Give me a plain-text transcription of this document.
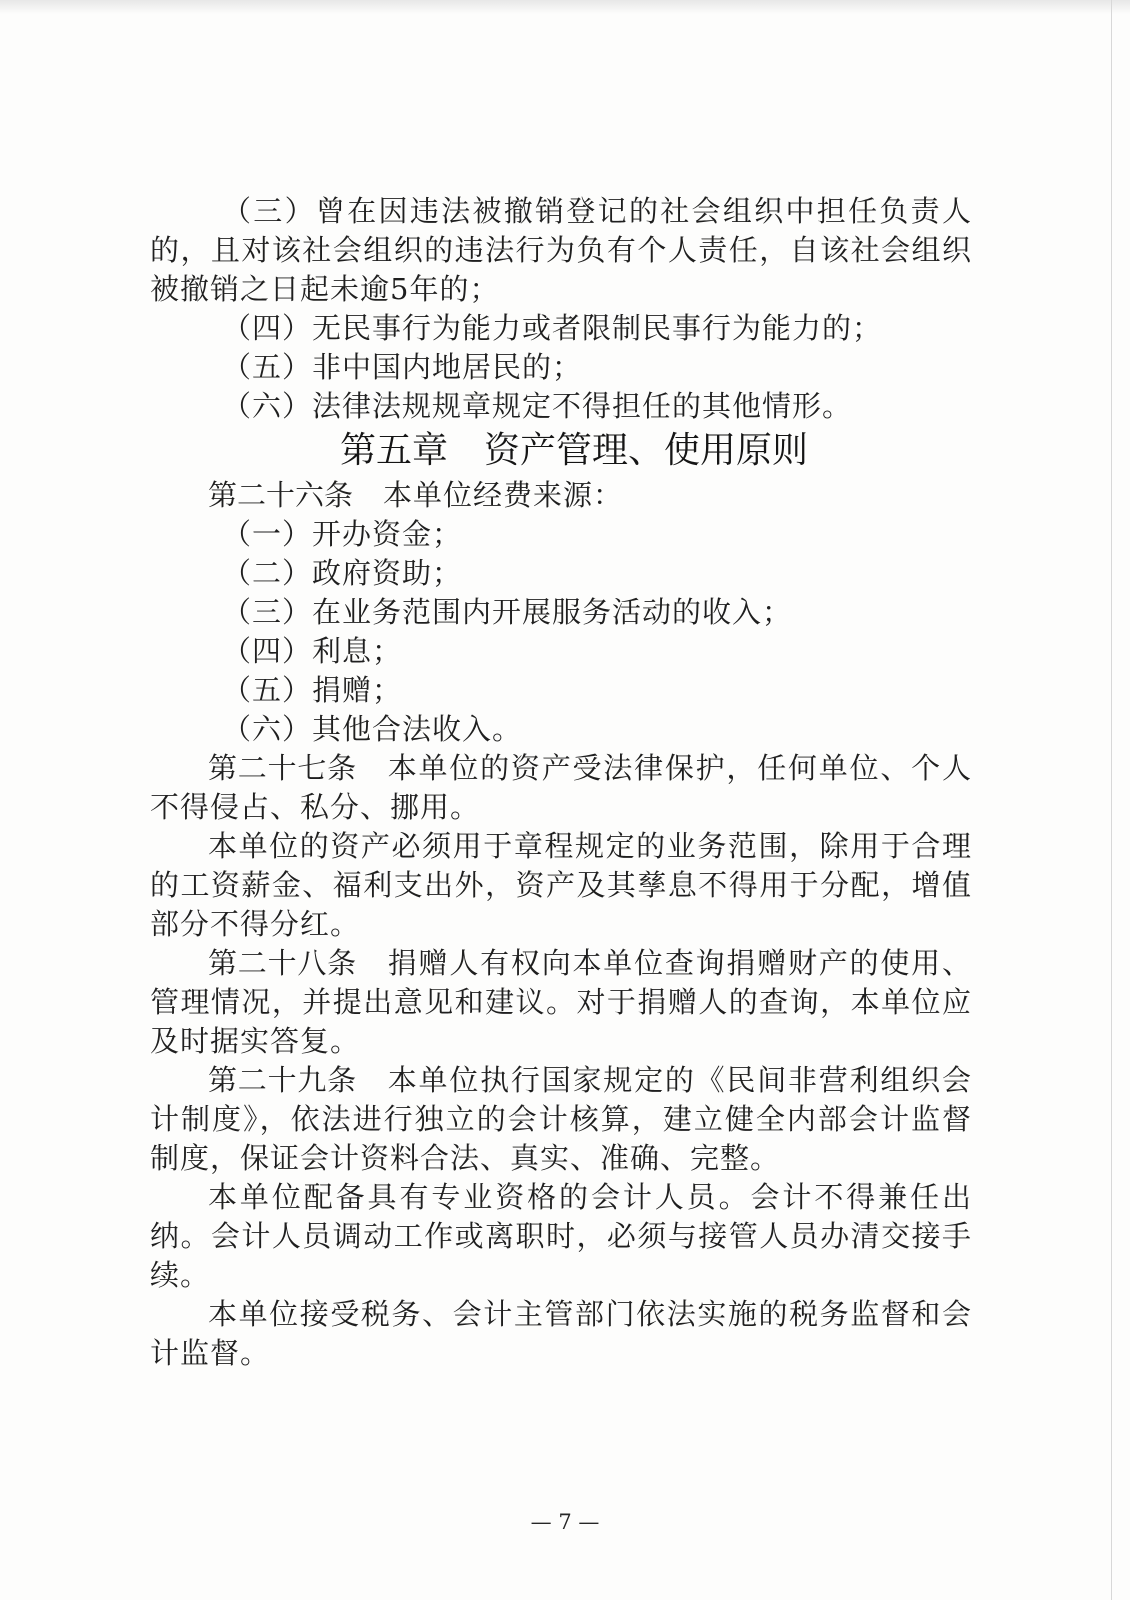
（三）曾在因违法被撤销登记的社会组织中担任负责人的，且对该社会组织的违法行为负有个人责任，自该社会组织被撤销之日起未逾5年的；

（四）无民事行为能力或者限制民事行为能力的；

（五）非中国内地居民的；

（六）法律法规规章规定不得担任的其他情形。

第五章　资产管理、使用原则

第二十六条　 本单位经费来源：

（一）开办资金；

（二）政府资助；

（三）在业务范围内开展服务活动的收入；

（四）利息；

（五）捐赠；

（六）其他合法收入。

第二十七条　 本单位的资产受法律保护，任何单位、个人不得侵占、私分、挪用。

本单位的资产必须用于章程规定的业务范围，除用于合理的工资薪金、福利支出外，资产及其孳息不得用于分配，增值部分不得分红。

第二十八条　 捐赠人有权向本单位查询捐赠财产的使用、管理情况，并提出意见和建议。对于捐赠人的查询，本单位应及时据实答复。

第二十九条　 本单位执行国家规定的《民间非营利组织会计制度》，依法进行独立的会计核算，建立健全内部会计监督制度，保证会计资料合法、真实、准确、完整。

本单位配备具有专业资格的会计人员。会计不得兼任出纳。会计人员调动工作或离职时，必须与接管人员办清交接手续。

本单位接受税务、会计主管部门依法实施的税务监督和会计监督。

— 7 —
